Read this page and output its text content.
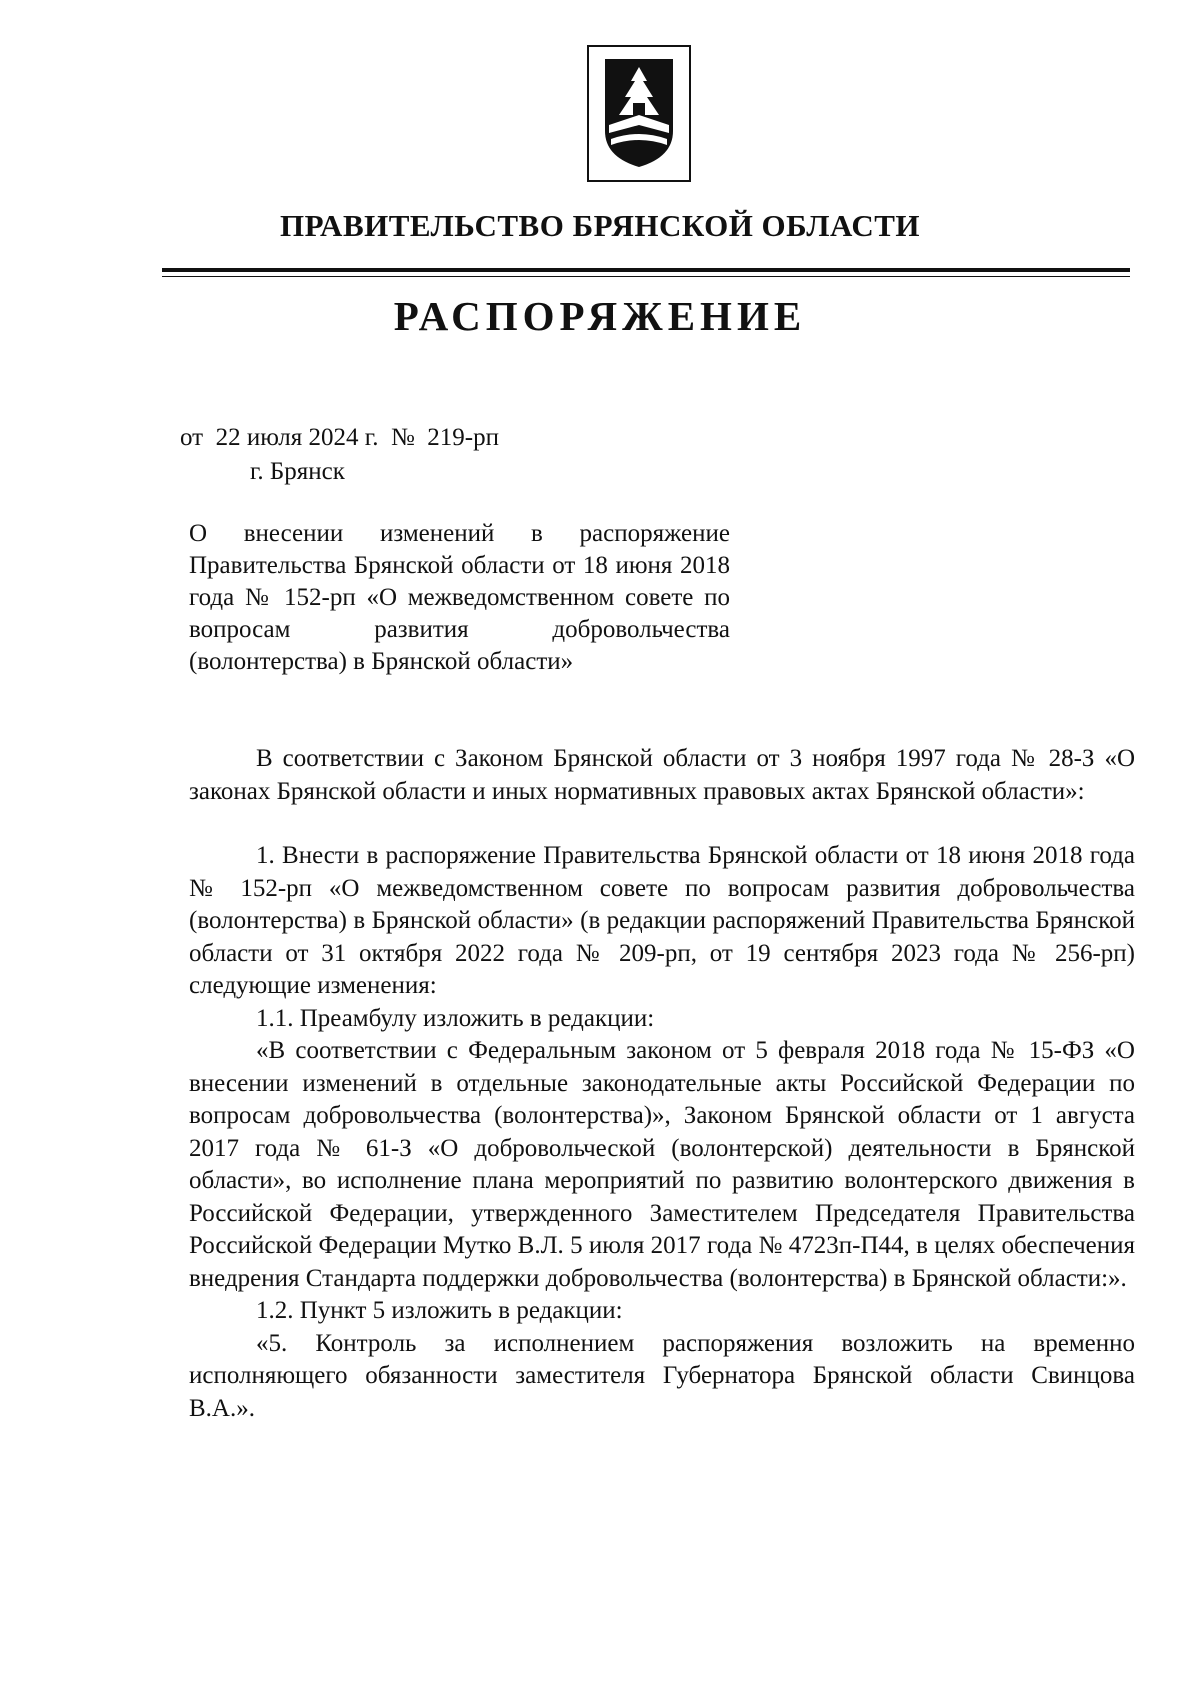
ПРАВИТЕЛЬСТВО БРЯНСКОЙ ОБЛАСТИ
РАСПОРЯЖЕНИЕ
от  22 июля 2024 г.  №  219-рп
г. Брянск

О внесении изменений в распоряжение Правительства Брянской области от 18 июня 2018 года № 152-рп «О межведомственном совете по вопросам развития добровольчества (волонтерства) в Брянской области»

В соответствии с Законом Брянской области от 3 ноября 1997 года № 28-З «О законах Брянской области и иных нормативных правовых актах Брянской области»:

1. Внести в распоряжение Правительства Брянской области от 18 июня 2018 года № 152-рп «О межведомственном совете по вопросам развития добровольчества (волонтерства) в Брянской области» (в редакции распоряжений Правительства Брянской области от 31 октября 2022 года № 209-рп, от 19 сентября 2023 года № 256-рп) следующие изменения:

1.1. Преамбулу изложить в редакции:

«В соответствии с Федеральным законом от 5 февраля 2018 года № 15-ФЗ «О внесении изменений в отдельные законодательные акты Российской Федерации по вопросам добровольчества (волонтерства)», Законом Брянской области от 1 августа 2017 года № 61-З «О добровольческой (волонтерской) деятельности в Брянской области», во исполнение плана мероприятий по развитию волонтерского движения в Российской Федерации, утвержденного Заместителем Председателя Правительства Российской Федерации Мутко В.Л. 5 июля 2017 года № 4723п-П44, в целях обеспечения внедрения Стандарта поддержки добровольчества (волонтерства) в Брянской области:».

1.2. Пункт 5 изложить в редакции:

«5. Контроль за исполнением распоряжения возложить на временно исполняющего обязанности заместителя Губернатора Брянской области Свинцова В.А.».
